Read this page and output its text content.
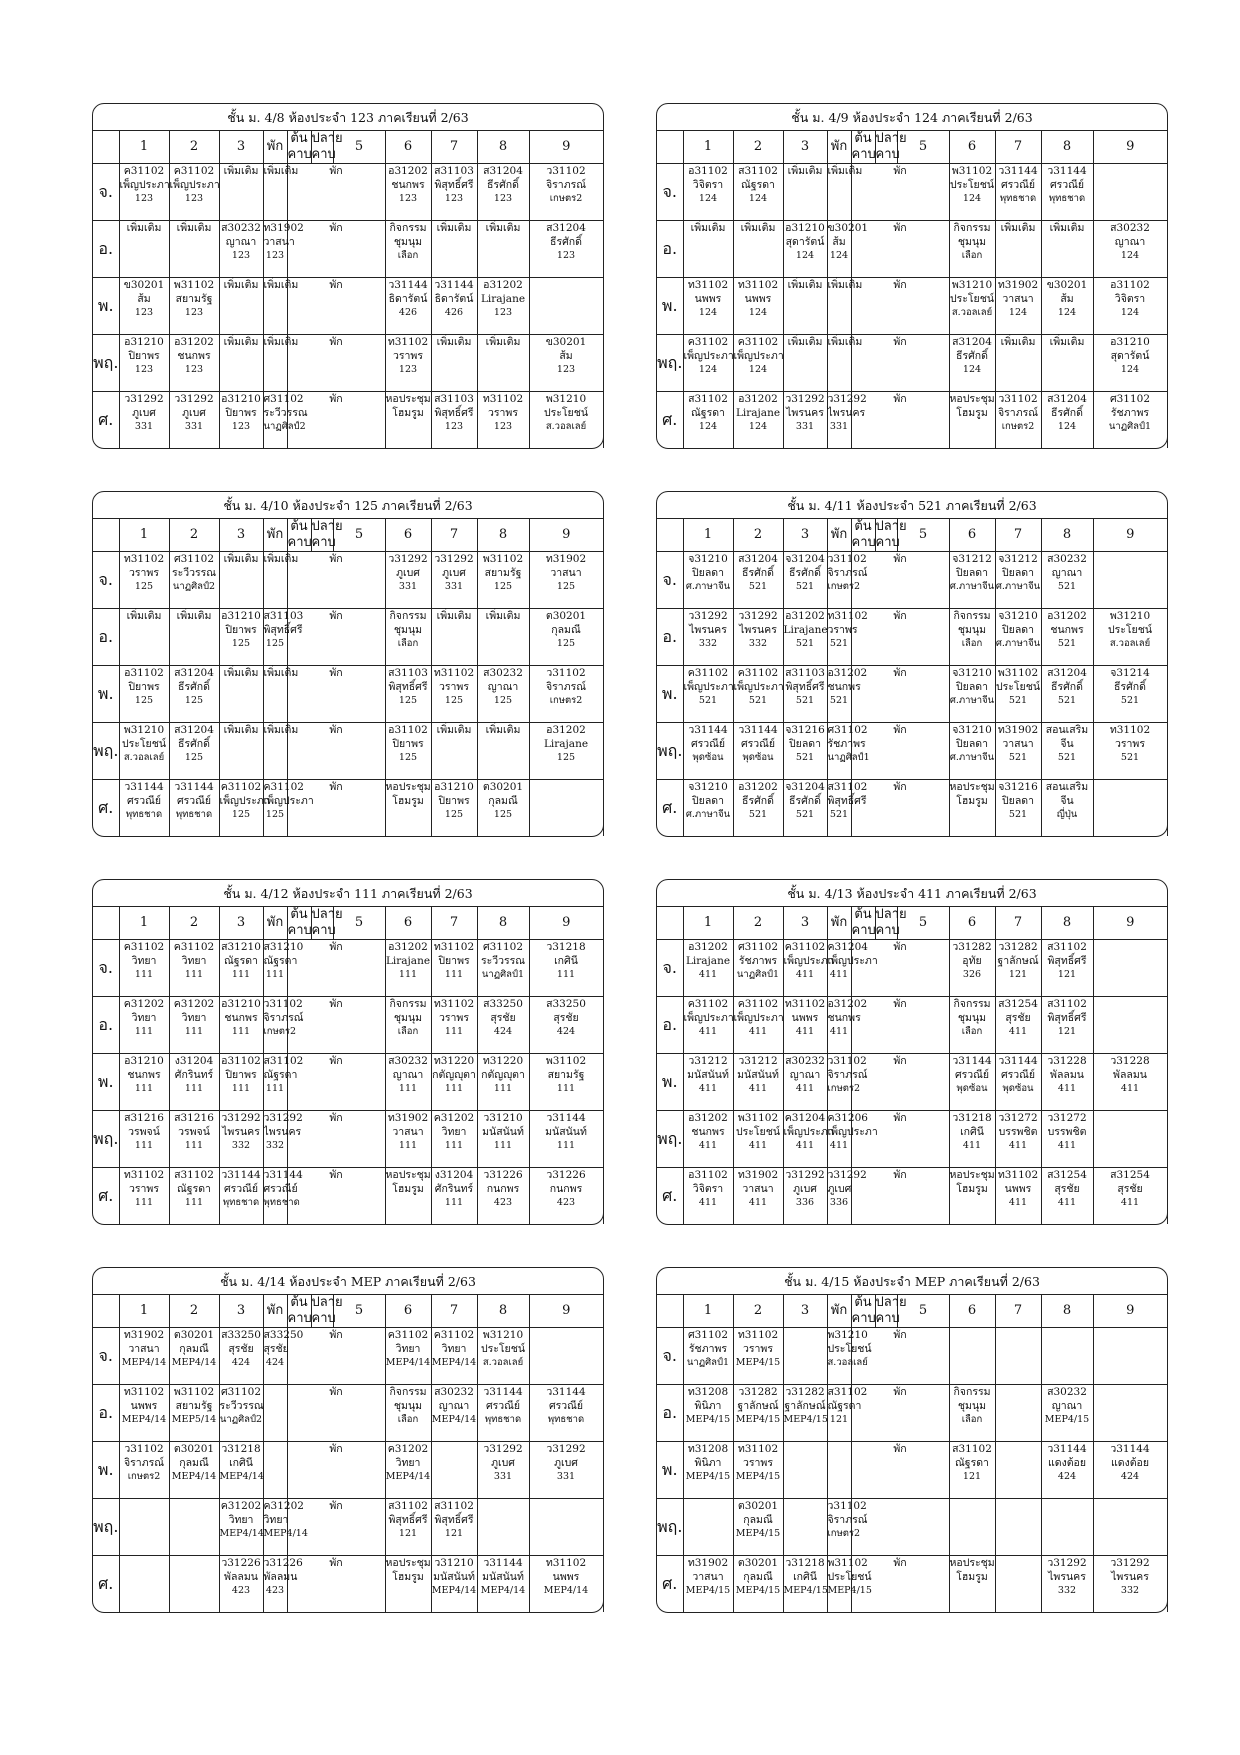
ชั้น ม. 4/8 ห้องประจำ 123 ภาคเรียนที่ 2/63
	1	2	3	พัก	ต้นคาบ	ปลายคาบ	5	6	7	8	9	
จ.	ค31102
เพ็ญประภา
123	ค31102
เพ็ญประภา
123	เพิ่มเติม	เพิ่มเติม	พัก			อ31202
ชนกพร
123	ส31103
พิสุทธิ์ศรี
123	ส31204
ธีรศักดิ์
123	ว31102
จิราภรณ์
เกษตร2	

อ.	เพิ่มเติม	เพิ่มเติม	ส30232
ญาณา
123	ท31902
วาสนา
123	พัก			กิจกรรม
ชุมนุม
เลือก	เพิ่มเติม	เพิ่มเติม	ส31204
ธีรศักดิ์
123	

พ.	ข30201
ส้ม
123	พ31102
สยามรัฐ
123	เพิ่มเติม	เพิ่มเติม	พัก			ว31144
ธิดารัตน์
426	ว31144
ธิดารัตน์
426	อ31202
Lirajane
123		

พฤ.	อ31210
ปิยาพร
123	อ31202
ชนกพร
123	เพิ่มเติม	เพิ่มเติม	พัก			ท31102
วราพร
123	เพิ่มเติม	เพิ่มเติม	ข30201
ส้ม
123

ศ.	ว31292
ภูเบศ
331	ว31292
ภูเบศ
331	อ31210
ปิยาพร
123	ศ31102
ระวีวรรณ
นาฏศิลป์2	พัก			หอประชุม
โฮมรูม	ส31103
พิสุทธิ์ศรี
123	ท31102
วราพร
123	พ31210
ประโยชน์
ส.วอลเลย์

ชั้น ม. 4/9 ห้องประจำ 124 ภาคเรียนที่ 2/63
	1	2	3	พัก	ต้นคาบ	ปลายคาบ	5	6	7	8	9	
จ.	อ31102
วิจิตรา
124	ส31102
ณัฐรดา
124	เพิ่มเติม	เพิ่มเติม	พัก			พ31102
ประโยชน์
124	ว31144
ศรวณีย์
พุทธชาด	ว31144
ศรวณีย์
พุทธชาด		

อ.	เพิ่มเติม	เพิ่มเติม	อ31210
สุดารัตน์
124	ข30201
ส้ม
124	พัก			กิจกรรม
ชุมนุม
เลือก	เพิ่มเติม	เพิ่มเติม	ส30232
ญาณา
124	

พ.	ท31102
นพพร
124	ท31102
นพพร
124	เพิ่มเติม	เพิ่มเติม	พัก			พ31210
ประโยชน์
ส.วอลเลย์	ท31902
วาสนา
124	ข30201
ส้ม
124	อ31102
วิจิตรา
124	

พฤ.	ค31102
เพ็ญประภา
124	ค31102
เพ็ญประภา
124	เพิ่มเติม	เพิ่มเติม	พัก			ส31204
ธีรศักดิ์
124	เพิ่มเติม	เพิ่มเติม	อ31210
สุดารัตน์
124

ศ.	ส31102
ณัฐรดา
124	อ31202
Lirajane
124	ว31292
ไพรนคร
331	ว31292
ไพรนคร
331	พัก			หอประชุม
โฮมรูม	ว31102
จิราภรณ์
เกษตร2	ส31204
ธีรศักดิ์
124	ศ31102
รัชภาพร
นาฏศิลป์1

ชั้น ม. 4/10 ห้องประจำ 125 ภาคเรียนที่ 2/63
	1	2	3	พัก	ต้นคาบ	ปลายคาบ	5	6	7	8	9	
จ.	ท31102
วราพร
125	ศ31102
ระวีวรรณ
นาฏศิลป์2	เพิ่มเติม	เพิ่มเติม	พัก			ว31292
ภูเบศ
331	ว31292
ภูเบศ
331	พ31102
สยามรัฐ
125	ท31902
วาสนา
125	

อ.	เพิ่มเติม	เพิ่มเติม	อ31210
ปิยาพร
125	ส31103
พิสุทธิ์ศรี
125	พัก			กิจกรรม
ชุมนุม
เลือก	เพิ่มเติม	เพิ่มเติม	ต30201
กุลมณี
125	

พ.	อ31102
ปิยาพร
125	ส31204
ธีรศักดิ์
125	เพิ่มเติม	เพิ่มเติม	พัก			ส31103
พิสุทธิ์ศรี
125	ท31102
วราพร
125	ส30232
ญาณา
125	ว31102
จิราภรณ์
เกษตร2	

พฤ.	พ31210
ประโยชน์
ส.วอลเลย์	ส31204
ธีรศักดิ์
125	เพิ่มเติม	เพิ่มเติม	พัก			อ31102
ปิยาพร
125	เพิ่มเติม	เพิ่มเติม	อ31202
Lirajane
125

ศ.	ว31144
ศรวณีย์
พุทธชาด	ว31144
ศรวณีย์
พุทธชาด	ค31102
เพ็ญประภา
125	ค31102
เพ็ญประภา
125	พัก			หอประชุม
โฮมรูม	อ31210
ปิยาพร
125	ต30201
กุลมณี
125

ชั้น ม. 4/11 ห้องประจำ 521 ภาคเรียนที่ 2/63
	1	2	3	พัก	ต้นคาบ	ปลายคาบ	5	6	7	8	9	
จ.	จ31210
ปิยลดา
ศ.ภาษาจีน	ส31204
ธีรศักดิ์
521	จ31204
ธีรศักดิ์
521	ว31102
จิราภรณ์
เกษตร2	พัก			จ31212
ปิยลดา
ศ.ภาษาจีน	จ31212
ปิยลดา
ศ.ภาษาจีน	ส30232
ญาณา
521		

อ.	ว31292
ไพรนคร
332	ว31292
ไพรนคร
332	อ31202
Lirajane
521	ท31102
วราพร
521	พัก			กิจกรรม
ชุมนุม
เลือก	จ31210
ปิยลดา
ศ.ภาษาจีน	อ31202
ชนกพร
521	พ31210
ประโยชน์
ส.วอลเลย์	

พ.	ค31102
เพ็ญประภา
521	ค31102
เพ็ญประภา
521	ส31103
พิสุทธิ์ศรี
521	อ31202
ชนกพร
521	พัก			จ31210
ปิยลดา
ศ.ภาษาจีน	พ31102
ประโยชน์
521	ส31204
ธีรศักดิ์
521	จ31214
ธีรศักดิ์
521	

พฤ.	ว31144
ศรวณีย์
พุดซ้อน	ว31144
ศรวณีย์
พุดซ้อน	จ31216
ปิยลดา
521	ศ31102
รัชภาพร
นาฏศิลป์1	พัก			จ31210
ปิยลดา
ศ.ภาษาจีน	ท31902
วาสนา
521	สอนเสริม
จีน
521	ท31102
วราพร
521

ศ.	จ31210
ปิยลดา
ศ.ภาษาจีน	อ31202
ธีรศักดิ์
521	จ31204
ธีรศักดิ์
521	ส31102
พิสุทธิ์ศรี
521	พัก			หอประชุม
โฮมรูม	จ31216
ปิยลดา
521	สอนเสริม
จีน
ญี่ปุ่น

ชั้น ม. 4/12 ห้องประจำ 111 ภาคเรียนที่ 2/63
	1	2	3	พัก	ต้นคาบ	ปลายคาบ	5	6	7	8	9	
จ.	ค31102
วิทยา
111	ค31102
วิทยา
111	ส31210
ณัฐรดา
111	ส31210
ณัฐรดา
111	พัก			อ31202
Lirajane
111	ท31102
ปิยาพร
111	ศ31102
ระวีวรรณ
นาฏศิลป์1	ว31218
เกศินี
111	

อ.	ค31202
วิทยา
111	ค31202
วิทยา
111	อ31210
ชนกพร
111	ว31102
จิราภรณ์
เกษตร2	พัก			กิจกรรม
ชุมนุม
เลือก	ท31102
วราพร
111	ส33250
สุรชัย
424	ส33250
สุรชัย
424	

พ.	อ31210
ชนกพร
111	ง31204
ศักรินทร์
111	อ31102
ปิยาพร
111	ส31102
ณัฐรดา
111	พัก			ส30232
ญาณา
111	ท31220
กตัญญุตา
111	ท31220
กตัญญุตา
111	พ31102
สยามรัฐ
111	

พฤ.	ส31216
วรพจน์
111	ส31216
วรพจน์
111	ว31292
ไพรนคร
332	ว31292
ไพรนคร
332	พัก			ท31902
วาสนา
111	ค31202
วิทยา
111	ว31210
มนัสนันท์
111	ว31144
มนัสนันท์
111

ศ.	ท31102
วราพร
111	ส31102
ณัฐรดา
111	ว31144
ศรวณีย์
พุทธชาด	ว31144
ศรวณีย์
พุทธชาด	พัก			หอประชุม
โฮมรูม	ง31204
ศักรินทร์
111	ว31226
กนกพร
423	ว31226
กนกพร
423

ชั้น ม. 4/13 ห้องประจำ 411 ภาคเรียนที่ 2/63
	1	2	3	พัก	ต้นคาบ	ปลายคาบ	5	6	7	8	9	
จ.	อ31202
Lirajane
411	ศ31102
รัชภาพร
นาฏศิลป์1	ค31102
เพ็ญประภา
411	ค31204
เพ็ญประภา
411	พัก			ว31282
อุทัย
326	ว31282
ฐาลักษณ์
121	ส31102
พิสุทธิ์ศรี
121		

อ.	ค31102
เพ็ญประภา
411	ค31102
เพ็ญประภา
411	ท31102
นพพร
411	อ31202
ชนกพร
411	พัก			กิจกรรม
ชุมนุม
เลือก	ส31254
สุรชัย
411	ส31102
พิสุทธิ์ศรี
121		

พ.	ว31212
มนัสนันท์
411	ว31212
มนัสนันท์
411	ส30232
ญาณา
411	ว31102
จิราภรณ์
เกษตร2	พัก			ว31144
ศรวณีย์
พุดซ้อน	ว31144
ศรวณีย์
พุดซ้อน	ว31228
พัลลมน
411	ว31228
พัลลมน
411	

พฤ.	อ31202
ชนกพร
411	พ31102
ประโยชน์
411	ค31204
เพ็ญประภา
411	ค31206
เพ็ญประภา
411	พัก			ว31218
เกศินี
411	ว31272
บรรพชิต
411	ว31272
บรรพชิต
411

ศ.	อ31102
วิจิตรา
411	ท31902
วาสนา
411	ว31292
ภูเบศ
336	ว31292
ภูเบศ
336	พัก			หอประชุม
โฮมรูม	ท31102
นพพร
411	ส31254
สุรชัย
411	ส31254
สุรชัย
411

ชั้น ม. 4/14 ห้องประจำ MEP ภาคเรียนที่ 2/63
	1	2	3	พัก	ต้นคาบ	ปลายคาบ	5	6	7	8	9	
จ.	ท31902
วาสนา
MEP4/14	ต30201
กุลมณี
MEP4/14	ส33250
สุรชัย
424	ส33250
สุรชัย
424	พัก			ค31102
วิทยา
MEP4/14	ค31102
วิทยา
MEP4/14	พ31210
ประโยชน์
ส.วอลเลย์		

อ.	ท31102
นพพร
MEP4/14	พ31102
สยามรัฐ
MEP5/14	ศ31102
ระวีวรรณ
นาฏศิลป์2		พัก			กิจกรรม
ชุมนุม
เลือก	ส30232
ญาณา
MEP4/14	ว31144
ศรวณีย์
พุทธชาด	ว31144
ศรวณีย์
พุทธชาด	

พ.	ว31102
จิราภรณ์
เกษตร2	ต30201
กุลมณี
MEP4/14	ว31218
เกศินี
MEP4/14		พัก			ค31202
วิทยา
MEP4/14		ว31292
ภูเบศ
331	ว31292
ภูเบศ
331	

พฤ.			ค31202
วิทยา
MEP4/14	ค31202
วิทยา
MEP4/14	พัก			ส31102
พิสุทธิ์ศรี
121	ส31102
พิสุทธิ์ศรี
121

ศ.			ว31226
พัลลมน
423	ว31226
พัลลมน
423	พัก			หอประชุม
โฮมรูม	ว31210
มนัสนันท์
MEP4/14	ว31144
มนัสนันท์
MEP4/14	ท31102
นพพร
MEP4/14

ชั้น ม. 4/15 ห้องประจำ MEP ภาคเรียนที่ 2/63
	1	2	3	พัก	ต้นคาบ	ปลายคาบ	5	6	7	8	9	
จ.	ศ31102
รัชภาพร
นาฏศิลป์1	ท31102
วราพร
MEP4/15		พ31210
ประโยชน์
ส.วอลเลย์	พัก			

อ.	ท31208
พินิภา
MEP4/15	ว31282
ฐาลักษณ์
MEP4/15	ว31282
ฐาลักษณ์
MEP4/15	ส31102
ณัฐรดา
121	พัก			กิจกรรม
ชุมนุม
เลือก		ส30232
ญาณา
MEP4/15		

พ.	ท31208
พินิภา
MEP4/15	ท31102
วราพร
MEP4/15			พัก			ส31102
ณัฐรดา
121		ว31144
แดงต้อย
424	ว31144
แดงต้อย
424	

พฤ.		ต30201
กุลมณี
MEP4/15		ว31102
จิราภรณ์
เกษตร2

ศ.	ท31902
วาสนา
MEP4/15	ต30201
กุลมณี
MEP4/15	ว31218
เกศินี
MEP4/15	พ31102
ประโยชน์
MEP4/15	พัก			หอประชุม
โฮมรูม		ว31292
ไพรนคร
332	ว31292
ไพรนคร
332
